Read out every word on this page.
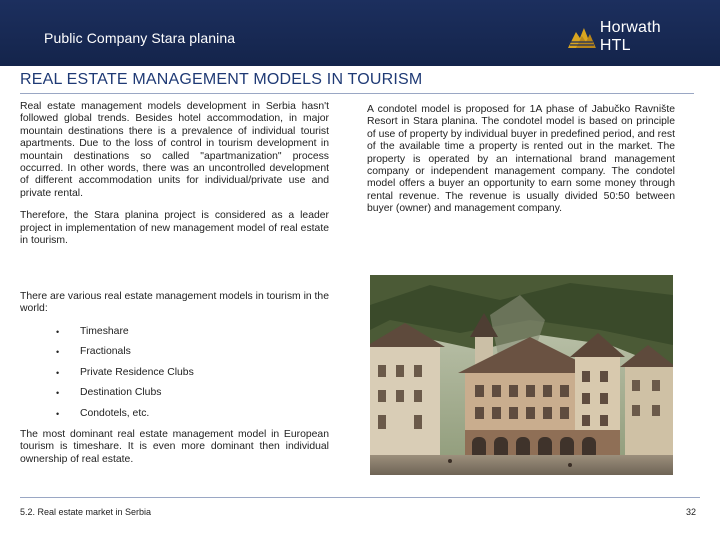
Public Company Stara planina
Horwath HTL
REAL ESTATE MANAGEMENT MODELS IN TOURISM

Real estate management models development in Serbia hasn't followed global trends. Besides hotel accommodation, in major mountain destinations there is a prevalence of individual tourist apartments. Due to the loss of control in tourism development in mountain destinations so called "apartmanization" process occurred. In other words, there was an uncontrolled development of different accommodation units for individual/private use and private rental.

Therefore, the Stara planina project is considered as a leader project in implementation of new management model of real estate in tourism.

A condotel model is proposed for 1A phase of Jabučko Ravnište Resort in Stara planina. The condotel model is based on principle of use of property by individual buyer in predefined period, and rest of the available time a property is rented out in the market. The property is operated by an international brand management company or independent management company. The condotel model offers a buyer an opportunity to earn some money through rental revenue. The revenue is usually divided 50:50 between buyer (owner) and management company.
There are various real estate management models in tourism in the world:
•	Timeshare
•	Fractionals
•	Private Residence Clubs
•	Destination Clubs
•	Condotels, etc.
The most dominant real estate management model in European tourism is timeshare. It is even more dominant then individual ownership of real estate.
5.2. Real estate market in Serbia	32
